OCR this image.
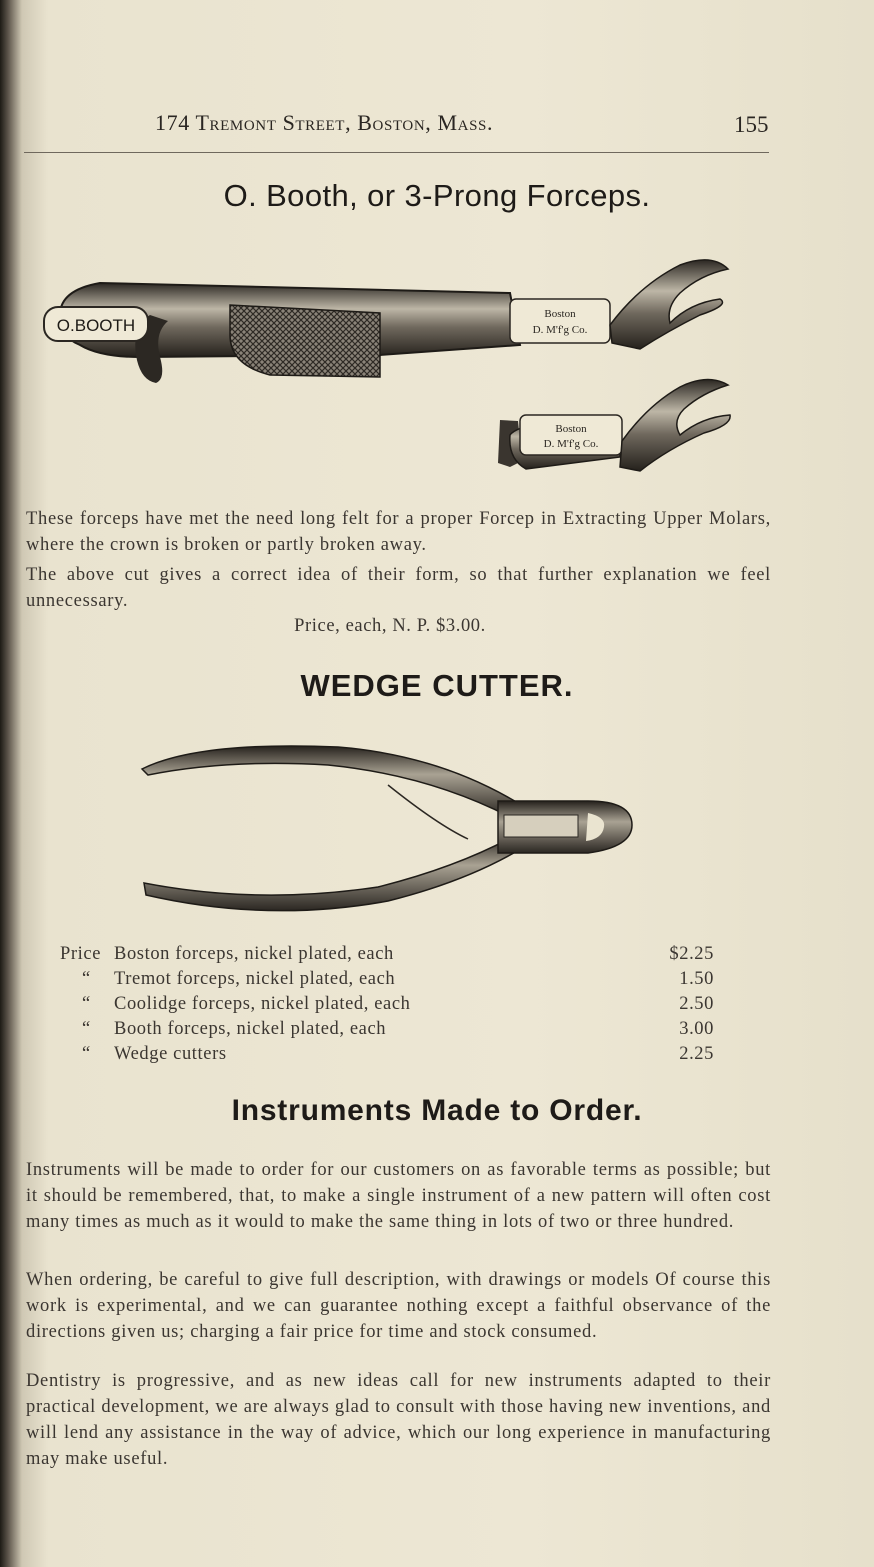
174 Tremont Street, Boston, Mass.	155
O. Booth, or 3-Prong Forceps.
O.BOOTH
Boston
D. M'f'g Co.
Boston
D. M'f'g Co.
These forceps have met the need long felt for a proper Forcep in Extracting Upper Molars, where the crown is broken or partly broken away.
The above cut gives a correct idea of their form, so that further explanation we feel unnecessary.
Price, each, N. P. $3.00.
WEDGE CUTTER.
Price Boston forceps, nickel plated, each	$2.25
“ Tremot forceps, nickel plated, each	1.50
“ Coolidge forceps, nickel plated, each	2.50
“ Booth forceps, nickel plated, each	3.00
“ Wedge cutters	2.25
Instruments Made to Order.
Instruments will be made to order for our customers on as favorable terms as possible; but it should be remembered, that, to make a single instrument of a new pattern will often cost many times as much as it would to make the same thing in lots of two or three hundred.
When ordering, be careful to give full description, with drawings or models Of course this work is experimental, and we can guarantee nothing except a faithful observance of the directions given us; charging a fair price for time and stock consumed.
Dentistry is progressive, and as new ideas call for new instruments adapted to their practical development, we are always glad to consult with those having new inventions, and will lend any assistance in the way of advice, which our long experience in manufacturing may make useful.
